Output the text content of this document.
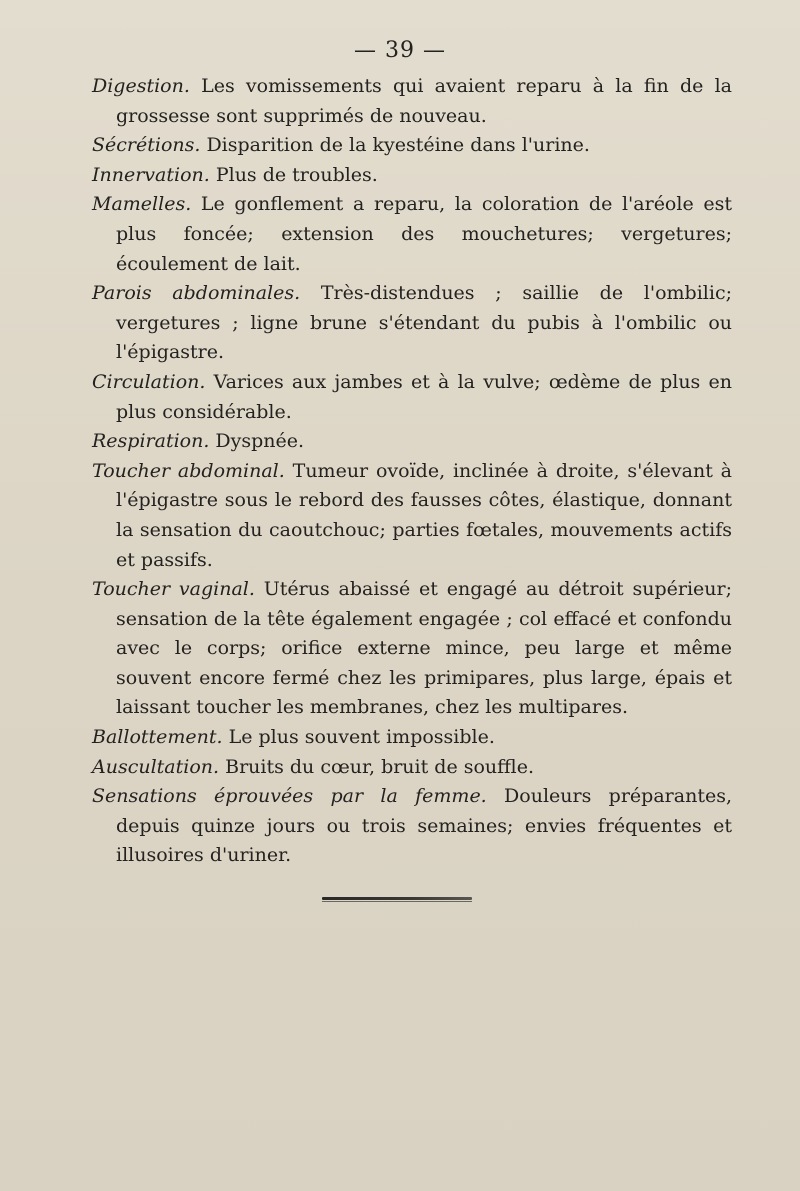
— 39 —

Digestion. Les vomissements qui avaient reparu à la fin de la grossesse sont supprimés de nouveau.

Sécrétions. Disparition de la kyestéine dans l'urine.

Innervation. Plus de troubles.

Mamelles. Le gonflement a reparu, la coloration de l'aréole est plus foncée; extension des mouchetures; vergetures; écoulement de lait.

Parois abdominales. Très-distendues ; saillie de l'ombilic; vergetures ; ligne brune s'étendant du pubis à l'ombilic ou l'épigastre.

Circulation. Varices aux jambes et à la vulve; œdème de plus en plus considérable.

Respiration. Dyspnée.

Toucher abdominal. Tumeur ovoïde, inclinée à droite, s'élevant à l'épigastre sous le rebord des fausses côtes, élastique, donnant la sensation du caoutchouc; parties fœtales, mouvements actifs et passifs.

Toucher vaginal. Utérus abaissé et engagé au détroit supérieur; sensation de la tête également engagée ; col effacé et confondu avec le corps; orifice externe mince, peu large et même souvent encore fermé chez les primipares, plus large, épais et laissant toucher les membranes, chez les multipares.

Ballottement. Le plus souvent impossible.

Auscultation. Bruits du cœur, bruit de souffle.

Sensations éprouvées par la femme. Douleurs préparantes, depuis quinze jours ou trois semaines; envies fréquentes et illusoires d'uriner.
